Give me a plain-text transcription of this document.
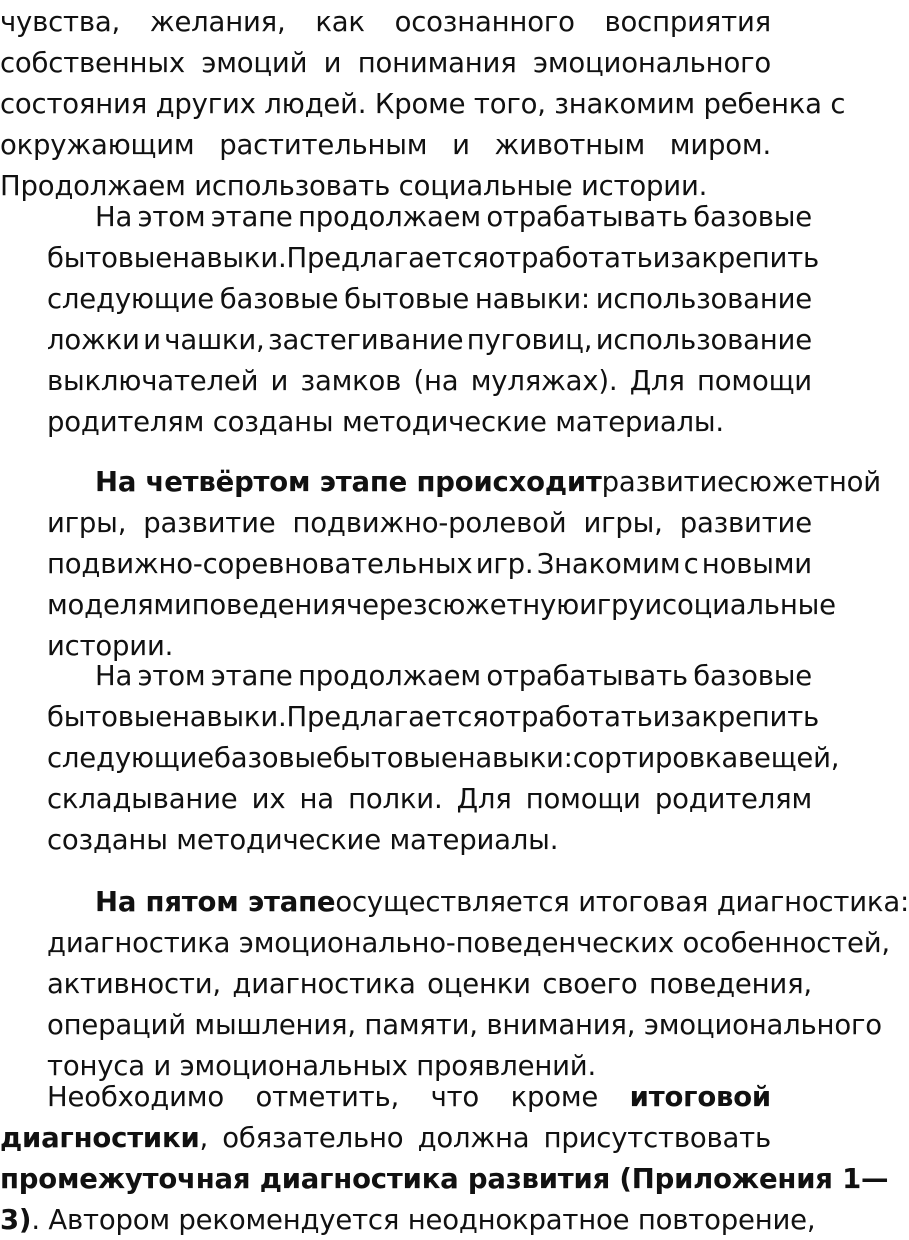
чувства, желания, как осознанного восприятия
собственных эмоций и понимания эмоционального
состояния других людей. Кроме того, знакомим ребенка с
окружающим растительным и животным миром.
Продолжаем использовать социальные истории.
На этом этапе продолжаем отрабатывать базовые
бытовые навыки. Предлагается отработать и закрепить
следующие базовые бытовые навыки: использование
ложки и чашки, застегивание пуговиц, использование
выключателей и замков (на муляжах). Для помощи
родителям созданы методические материалы.
На четвёртом этапе происходит развитие сюжетной
игры, развитие подвижно-ролевой игры, развитие
подвижно-соревновательных игр. Знакомим с новыми
моделями поведения через сюжетную игру и социальные
истории.
На этом этапе продолжаем отрабатывать базовые
бытовые навыки. Предлагается отработать и закрепить
следующие базовые бытовые навыки: сортировка вещей,
складывание их на полки. Для помощи родителям
созданы методические материалы.
На пятом этапе осуществляется итоговая диагностика:
диагностика эмоционально-поведенческих особенностей,
активности, диагностика оценки своего поведения,
операций мышления, памяти, внимания, эмоционального
тонуса и эмоциональных проявлений.
Необходимо отметить, что кроме итоговой
диагностики, обязательно должна присутствовать
промежуточная диагностика развития (Приложения 1—
3). Автором рекомендуется неоднократное повторение,
